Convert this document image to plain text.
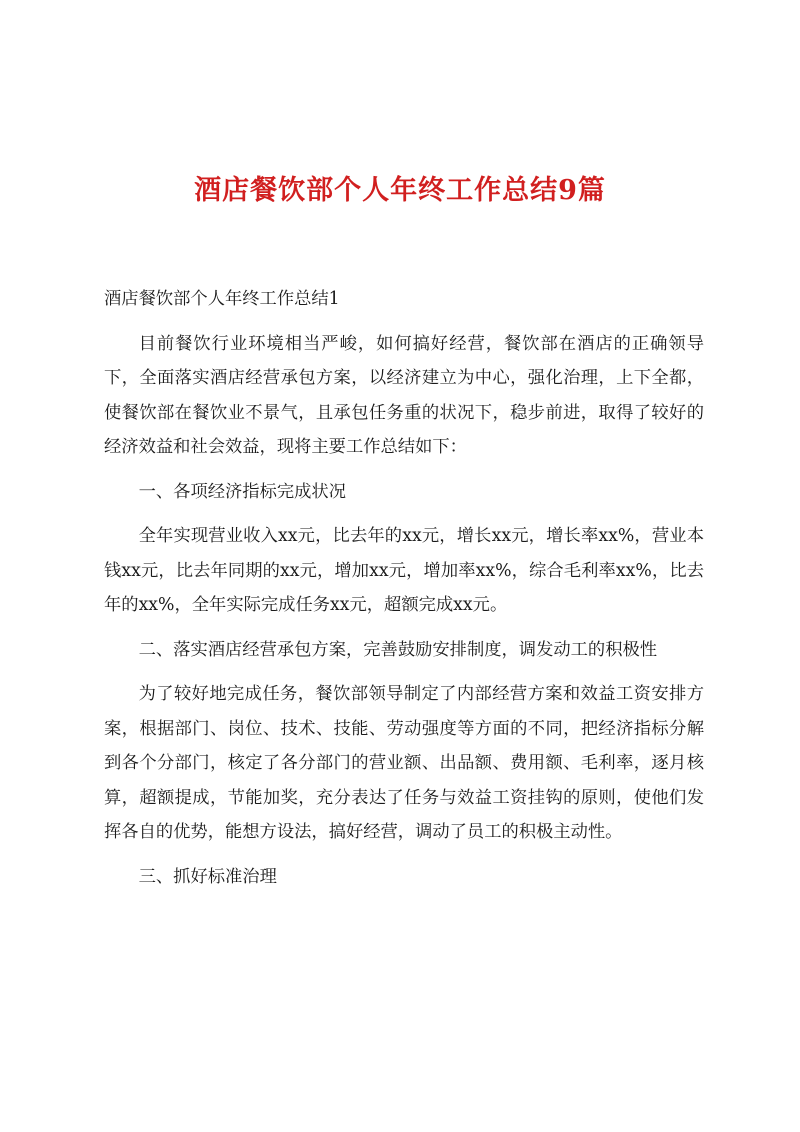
酒店餐饮部个人年终工作总结9篇

酒店餐饮部个人年终工作总结1

目前餐饮行业环境相当严峻，如何搞好经营，餐饮部在酒店的正确领导下，全面落实酒店经营承包方案，以经济建立为中心，强化治理，上下全都，使餐饮部在餐饮业不景气，且承包任务重的状况下，稳步前进，取得了较好的经济效益和社会效益，现将主要工作总结如下：

一、各项经济指标完成状况

全年实现营业收入xx元，比去年的xx元，增长xx元，增长率xx%，营业本钱xx元，比去年同期的xx元，增加xx元，增加率xx%，综合毛利率xx%，比去年的xx%，全年实际完成任务xx元，超额完成xx元。

二、落实酒店经营承包方案，完善鼓励安排制度，调发动工的积极性

为了较好地完成任务，餐饮部领导制定了内部经营方案和效益工资安排方案，根据部门、岗位、技术、技能、劳动强度等方面的不同，把经济指标分解到各个分部门，核定了各分部门的营业额、出品额、费用额、毛利率，逐月核算，超额提成，节能加奖，充分表达了任务与效益工资挂钩的原则，使他们发挥各自的优势，能想方设法，搞好经营，调动了员工的积极主动性。

三、抓好标准治理
